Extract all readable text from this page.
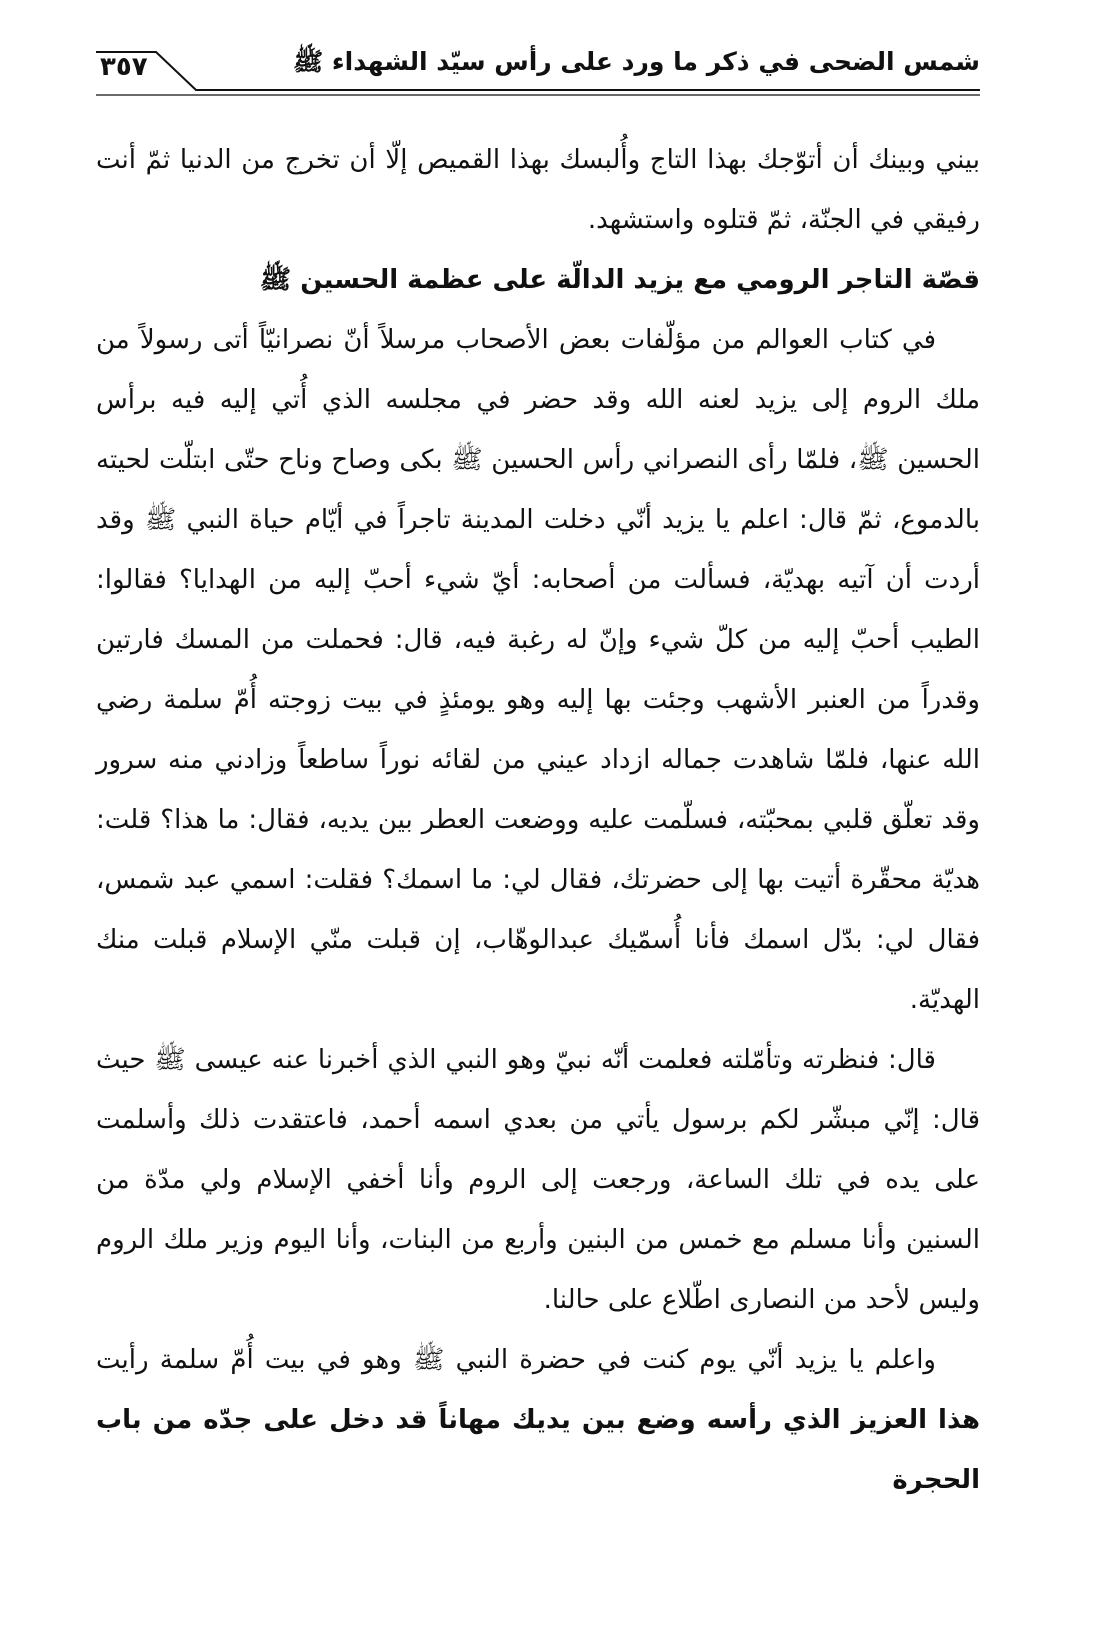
٣٥٧	شمس الضحى في ذكر ما ورد على رأس سيّد الشهداء ﷺ

بيني وبينك أن أتوّجك بهذا التاج وأُلبسك بهذا القميص إلّا أن تخرج من الدنيا ثمّ أنت رفيقي في الجنّة، ثمّ قتلوه واستشهد.

قصّة التاجر الرومي مع يزيد الدالّة على عظمة الحسين ﷺ

في كتاب العوالم من مؤلّفات بعض الأصحاب مرسلاً أنّ نصرانيّاً أتى رسولاً من ملك الروم إلى يزيد لعنه الله وقد حضر في مجلسه الذي أُتي إليه فيه برأس الحسين ﷺ، فلمّا رأى النصراني رأس الحسين ﷺ بكى وصاح وناح حتّى ابتلّت لحيته بالدموع، ثمّ قال: اعلم يا يزيد أنّي دخلت المدينة تاجراً في أيّام حياة النبي ﷺ وقد أردت أن آتيه بهديّة، فسألت من أصحابه: أيّ شيء أحبّ إليه من الهدايا؟ فقالوا: الطيب أحبّ إليه من كلّ شيء وإنّ له رغبة فيه، قال: فحملت من المسك فارتين وقدراً من العنبر الأشهب وجئت بها إليه وهو يومئذٍ في بيت زوجته أُمّ سلمة رضي الله عنها، فلمّا شاهدت جماله ازداد عيني من لقائه نوراً ساطعاً وزادني منه سرور وقد تعلّق قلبي بمحبّته، فسلّمت عليه ووضعت العطر بين يديه، فقال: ما هذا؟ قلت: هديّة محقّرة أتيت بها إلى حضرتك، فقال لي: ما اسمك؟ فقلت: اسمي عبد شمس، فقال لي: بدّل اسمك فأنا أُسمّيك عبدالوهّاب، إن قبلت منّي الإسلام قبلت منك الهديّة.

قال: فنظرته وتأمّلته فعلمت أنّه نبيّ وهو النبي الذي أخبرنا عنه عيسى ﷺ حيث قال: إنّي مبشّر لكم برسول يأتي من بعدي اسمه أحمد، فاعتقدت ذلك وأسلمت على يده في تلك الساعة، ورجعت إلى الروم وأنا أخفي الإسلام ولي مدّة من السنين وأنا مسلم مع خمس من البنين وأربع من البنات، وأنا اليوم وزير ملك الروم وليس لأحد من النصارى اطّلاع على حالنا.

واعلم يا يزيد أنّي يوم كنت في حضرة النبي ﷺ وهو في بيت أُمّ سلمة رأيت هذا العزيز الذي رأسه وضع بين يديك مهاناً قد دخل على جدّه من باب الحجرة
